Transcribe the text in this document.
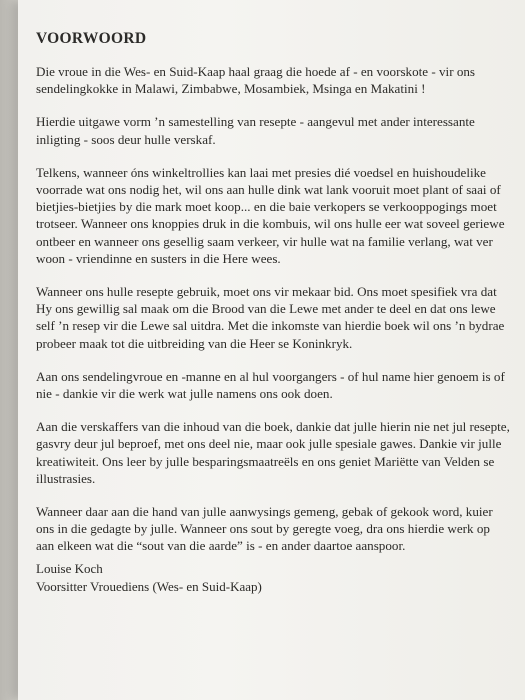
VOORWOORD

Die vroue in die Wes- en Suid-Kaap haal graag die hoede af - en voorskote - vir ons sendelingkokke in Malawi, Zimbabwe, Mosambiek, Msinga en Makatini !

Hierdie uitgawe vorm ’n samestelling van resepte - aangevul met ander interessante inligting - soos deur hulle verskaf.

Telkens, wanneer óns winkeltrollies kan laai met presies dié voedsel en huishoudelike voorrade wat ons nodig het, wil ons aan hulle dink wat lank vooruit moet plant of saai of bietjies-bietjies by die mark moet koop... en die baie verkopers se verkooppogings moet trotseer. Wanneer ons knoppies druk in die kombuis, wil ons hulle eer wat soveel geriewe ontbeer en wanneer ons gesellig saam verkeer, vir hulle wat na familie verlang, wat ver woon - vriendinne en susters in die Here wees.

Wanneer ons hulle resepte gebruik, moet ons vir mekaar bid. Ons moet spesifiek vra dat Hy ons gewillig sal maak om die Brood van die Lewe met ander te deel en dat ons lewe self ’n resep vir die Lewe sal uitdra. Met die inkomste van hierdie boek wil ons ’n bydrae probeer maak tot die uitbreiding van die Heer se Koninkryk.

Aan ons sendelingvroue en -manne en al hul voorgangers - of hul name hier genoem is of nie - dankie vir die werk wat julle namens ons ook doen.

Aan die verskaffers van die inhoud van die boek, dankie dat julle hierin nie net jul resepte, gasvry deur jul beproef, met ons deel nie, maar ook julle spesiale gawes. Dankie vir julle kreatiwiteit. Ons leer by julle besparingsmaatreëls en ons geniet Mariëtte van Velden se illustrasies.

Wanneer daar aan die hand van julle aanwysings gemeng, gebak of gekook word, kuier ons in die gedagte by julle. Wanneer ons sout by geregte voeg, dra ons hierdie werk op aan elkeen wat die “sout van die aarde” is - en ander daartoe aanspoor.

Louise Koch
Voorsitter Vrouediens (Wes- en Suid-Kaap)
